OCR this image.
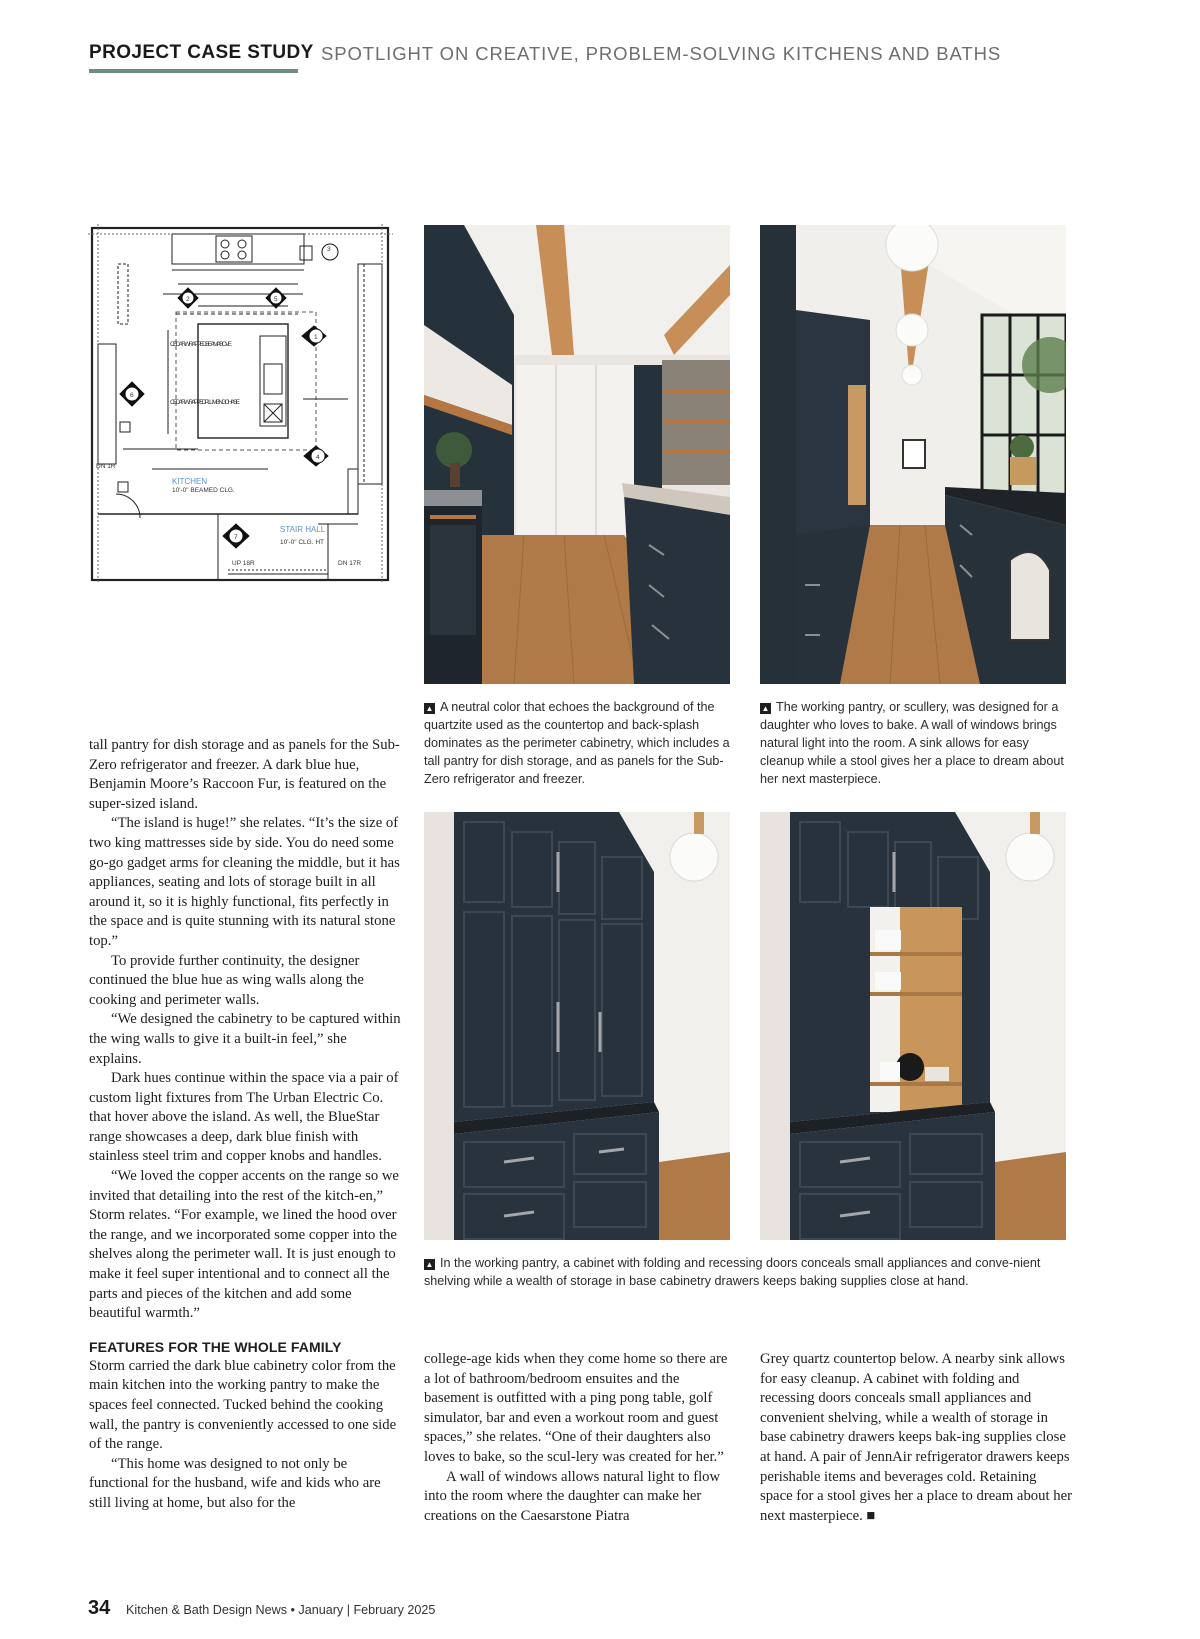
PROJECT CASE STUDY SPOTLIGHT ON CREATIVE, PROBLEM-SOLVING KITCHENS AND BATHS
3
2	5
1
6
4
7
CEDAR WRAPPED BEAM ABOVE
CEDAR WRAPPED PLUMBING CHASE
DN 1R
UP 18R	DN 17R
10'-0" BEAMED CLG.
10'-0" CLG. HT
KITCHEN
STAIR HALL
▲ A neutral color that echoes the background of the quartzite used as the countertop and back-splash dominates as the perimeter cabinetry, which includes a tall pantry for dish storage, and as panels for the Sub-Zero refrigerator and freezer.
▲ The working pantry, or scullery, was designed for a daughter who loves to bake. A wall of windows brings natural light into the room. A sink allows for easy cleanup while a stool gives her a place to dream about her next masterpiece.
▲ In the working pantry, a cabinet with folding and recessing doors conceals small appliances and conve-nient shelving while a wealth of storage in base cabinetry drawers keeps baking supplies close at hand.

tall pantry for dish storage and as panels for the Sub-Zero refrigerator and freezer. A dark blue hue, Benjamin Moore’s Raccoon Fur, is featured on the super-sized island.

“The island is huge!” she relates. “It’s the size of two king mattresses side by side. You do need some go-go gadget arms for cleaning the middle, but it has appliances, seating and lots of storage built in all around it, so it is highly functional, fits perfectly in the space and is quite stunning with its natural stone top.”

To provide further continuity, the designer continued the blue hue as wing walls along the cooking and perimeter walls.

“We designed the cabinetry to be captured within the wing walls to give it a built-in feel,” she explains.

Dark hues continue within the space via a pair of custom light fixtures from The Urban Electric Co. that hover above the island. As well, the BlueStar range showcases a deep, dark blue finish with stainless steel trim and copper knobs and handles.

“We loved the copper accents on the range so we invited that detailing into the rest of the kitch-en,” Storm relates. “For example, we lined the hood over the range, and we incorporated some copper into the shelves along the perimeter wall. It is just enough to make it feel super intentional and to connect all the parts and pieces of the kitchen and add some beautiful warmth.”

FEATURES FOR THE WHOLE FAMILY

Storm carried the dark blue cabinetry color from the main kitchen into the working pantry to make the spaces feel connected. Tucked behind the cooking wall, the pantry is conveniently accessed to one side of the range.

“This home was designed to not only be functional for the husband, wife and kids who are still living at home, but also for the

college-age kids when they come home so there are a lot of bathroom/bedroom ensuites and the basement is outfitted with a ping pong table, golf simulator, bar and even a workout room and guest spaces,” she relates. “One of their daughters also loves to bake, so the scul-lery was created for her.”

A wall of windows allows natural light to flow into the room where the daughter can make her creations on the Caesarstone Piatra

Grey quartz countertop below. A nearby sink allows for easy cleanup. A cabinet with folding and recessing doors conceals small appliances and convenient shelving, while a wealth of storage in base cabinetry drawers keeps bak-ing supplies close at hand. A pair of JennAir refrigerator drawers keeps perishable items and beverages cold. Retaining space for a stool gives her a place to dream about her next masterpiece. ■

34 Kitchen & Bath Design News • January | February 2025
